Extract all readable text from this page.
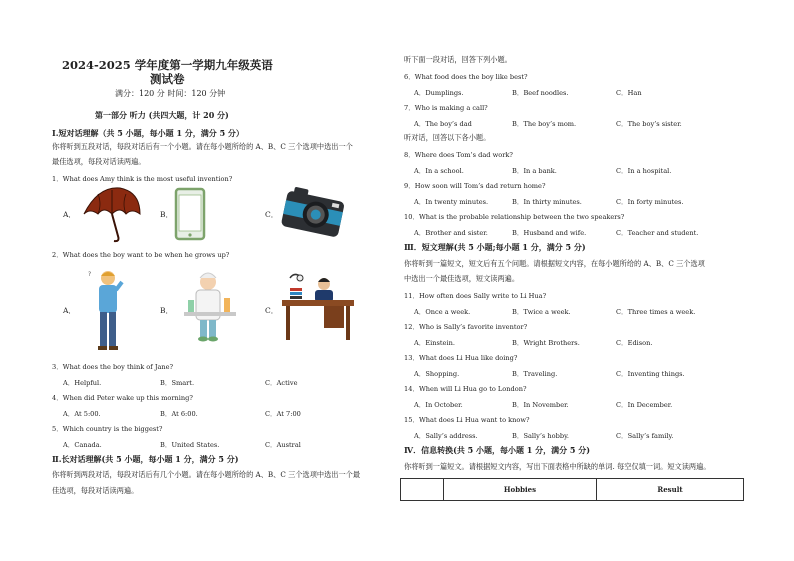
2024-2025 学年度第一学期九年级英语
测试卷
满分：120 分 时间：120 分钟
第一部分 听力 (共四大题，计 20 分)
Ⅰ.短对话理解（共 5 小题，每小题 1 分，满分 5 分）
你将听到五段对话，每段对话后有一个小题。请在每小题所给的 A、B、C 三个选项中选出一个
最佳选项，每段对话读两遍。
1．What does Amy think is the most useful invention?
A．	B．	C．
2．What does the boy want to be when he grows up?
A．	B．	C．
?
3．What does the boy think of Jane?
A．Helpful.	B．Smart.	C．Active
4．When did Peter wake up this morning?
A．At 5:00.	B．At 6:00.	C．At 7:00
5．Which country is the biggest?
A．Canada.	B．United States.	C．Austral
Ⅱ.长对话理解(共 5 小题，每小题 1 分，满分 5 分)
你将听到两段对话，每段对话后有几个小题。请在每小题所给的 A、B、C 三个选项中选出一个最
佳选项，每段对话读两遍。
听下面一段对话，回答下列小题。
6．What food does the boy like best?
A．Dumplings.	B．Beef noodles.	C．Han
7．Who is making a call?
A．The boy’s dad	B．The boy’s mom.	C．The boy’s sister.
听对话，回答以下各小题。
8．Where does Tom’s dad work?
A．In a school.	B．In a bank.	C．In a hospital.
9．How soon will Tom’s dad return home?
A．In twenty minutes.	B．In thirty minutes.	C．In forty minutes.
10．What is the probable relationship between the two speakers?
A．Brother and sister.	B．Husband and wife.	C．Teacher and student.
Ⅲ．短文理解(共 5 小题;每小题 1 分，满分 5 分)
你将听到一篇短文，短文后有五个问题。请根据短文内容，在每小题所给的 A、B、C 三个选项
中选出一个最佳选项，短文读两遍。
11．How often does Sally write to Li Hua?
A．Once a week.	B．Twice a week.	C．Three times a week.
12．Who is Sally’s favorite inventor?
A．Einstein.	B．Wright Brothers.	C．Edison.
13．What does Li Hua like doing?
A．Shopping.	B．Traveling.	C．Inventing things.
14．When will Li Hua go to London?
A．In October.	B．In November.	C．In December.
15．What does Li Hua want to know?
A．Sally’s address.	B．Sally’s hobby.	C．Sally’s family.
Ⅳ．信息转换(共 5 小题，每小题 1 分，满分 5 分)
你将听到一篇短文。请根据短文内容，写出下面表格中所缺的单词. 每空仅填一词。短文读两遍。
	Hobbies	Result
